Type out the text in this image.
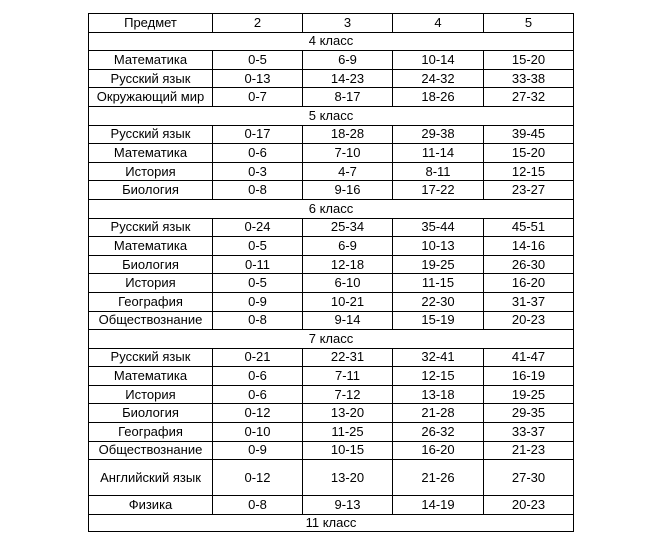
Предмет	2	3	4	5
4 класс				
Математика	0-5	6-9	10-14	15-20
Русский язык	0-13	14-23	24-32	33-38
Окружающий мир	0-7	8-17	18-26	27-32
5 класс				
Русский язык	0-17	18-28	29-38	39-45
Математика	0-6	7-10	11-14	15-20
История	0-3	4-7	8-11	12-15
Биология	0-8	9-16	17-22	23-27
6 класс				
Русский язык	0-24	25-34	35-44	45-51
Математика	0-5	6-9	10-13	14-16
Биология	0-11	12-18	19-25	26-30
История	0-5	6-10	11-15	16-20
География	0-9	10-21	22-30	31-37
Обществознание	0-8	9-14	15-19	20-23
7 класс				
Русский язык	0-21	22-31	32-41	41-47
Математика	0-6	7-11	12-15	16-19
История	0-6	7-12	13-18	19-25
Биология	0-12	13-20	21-28	29-35
География	0-10	11-25	26-32	33-37
Обществознание	0-9	10-15	16-20	21-23
Английский язык	0-12	13-20	21-26	27-30
Физика	0-8	9-13	14-19	20-23
11 класс				
